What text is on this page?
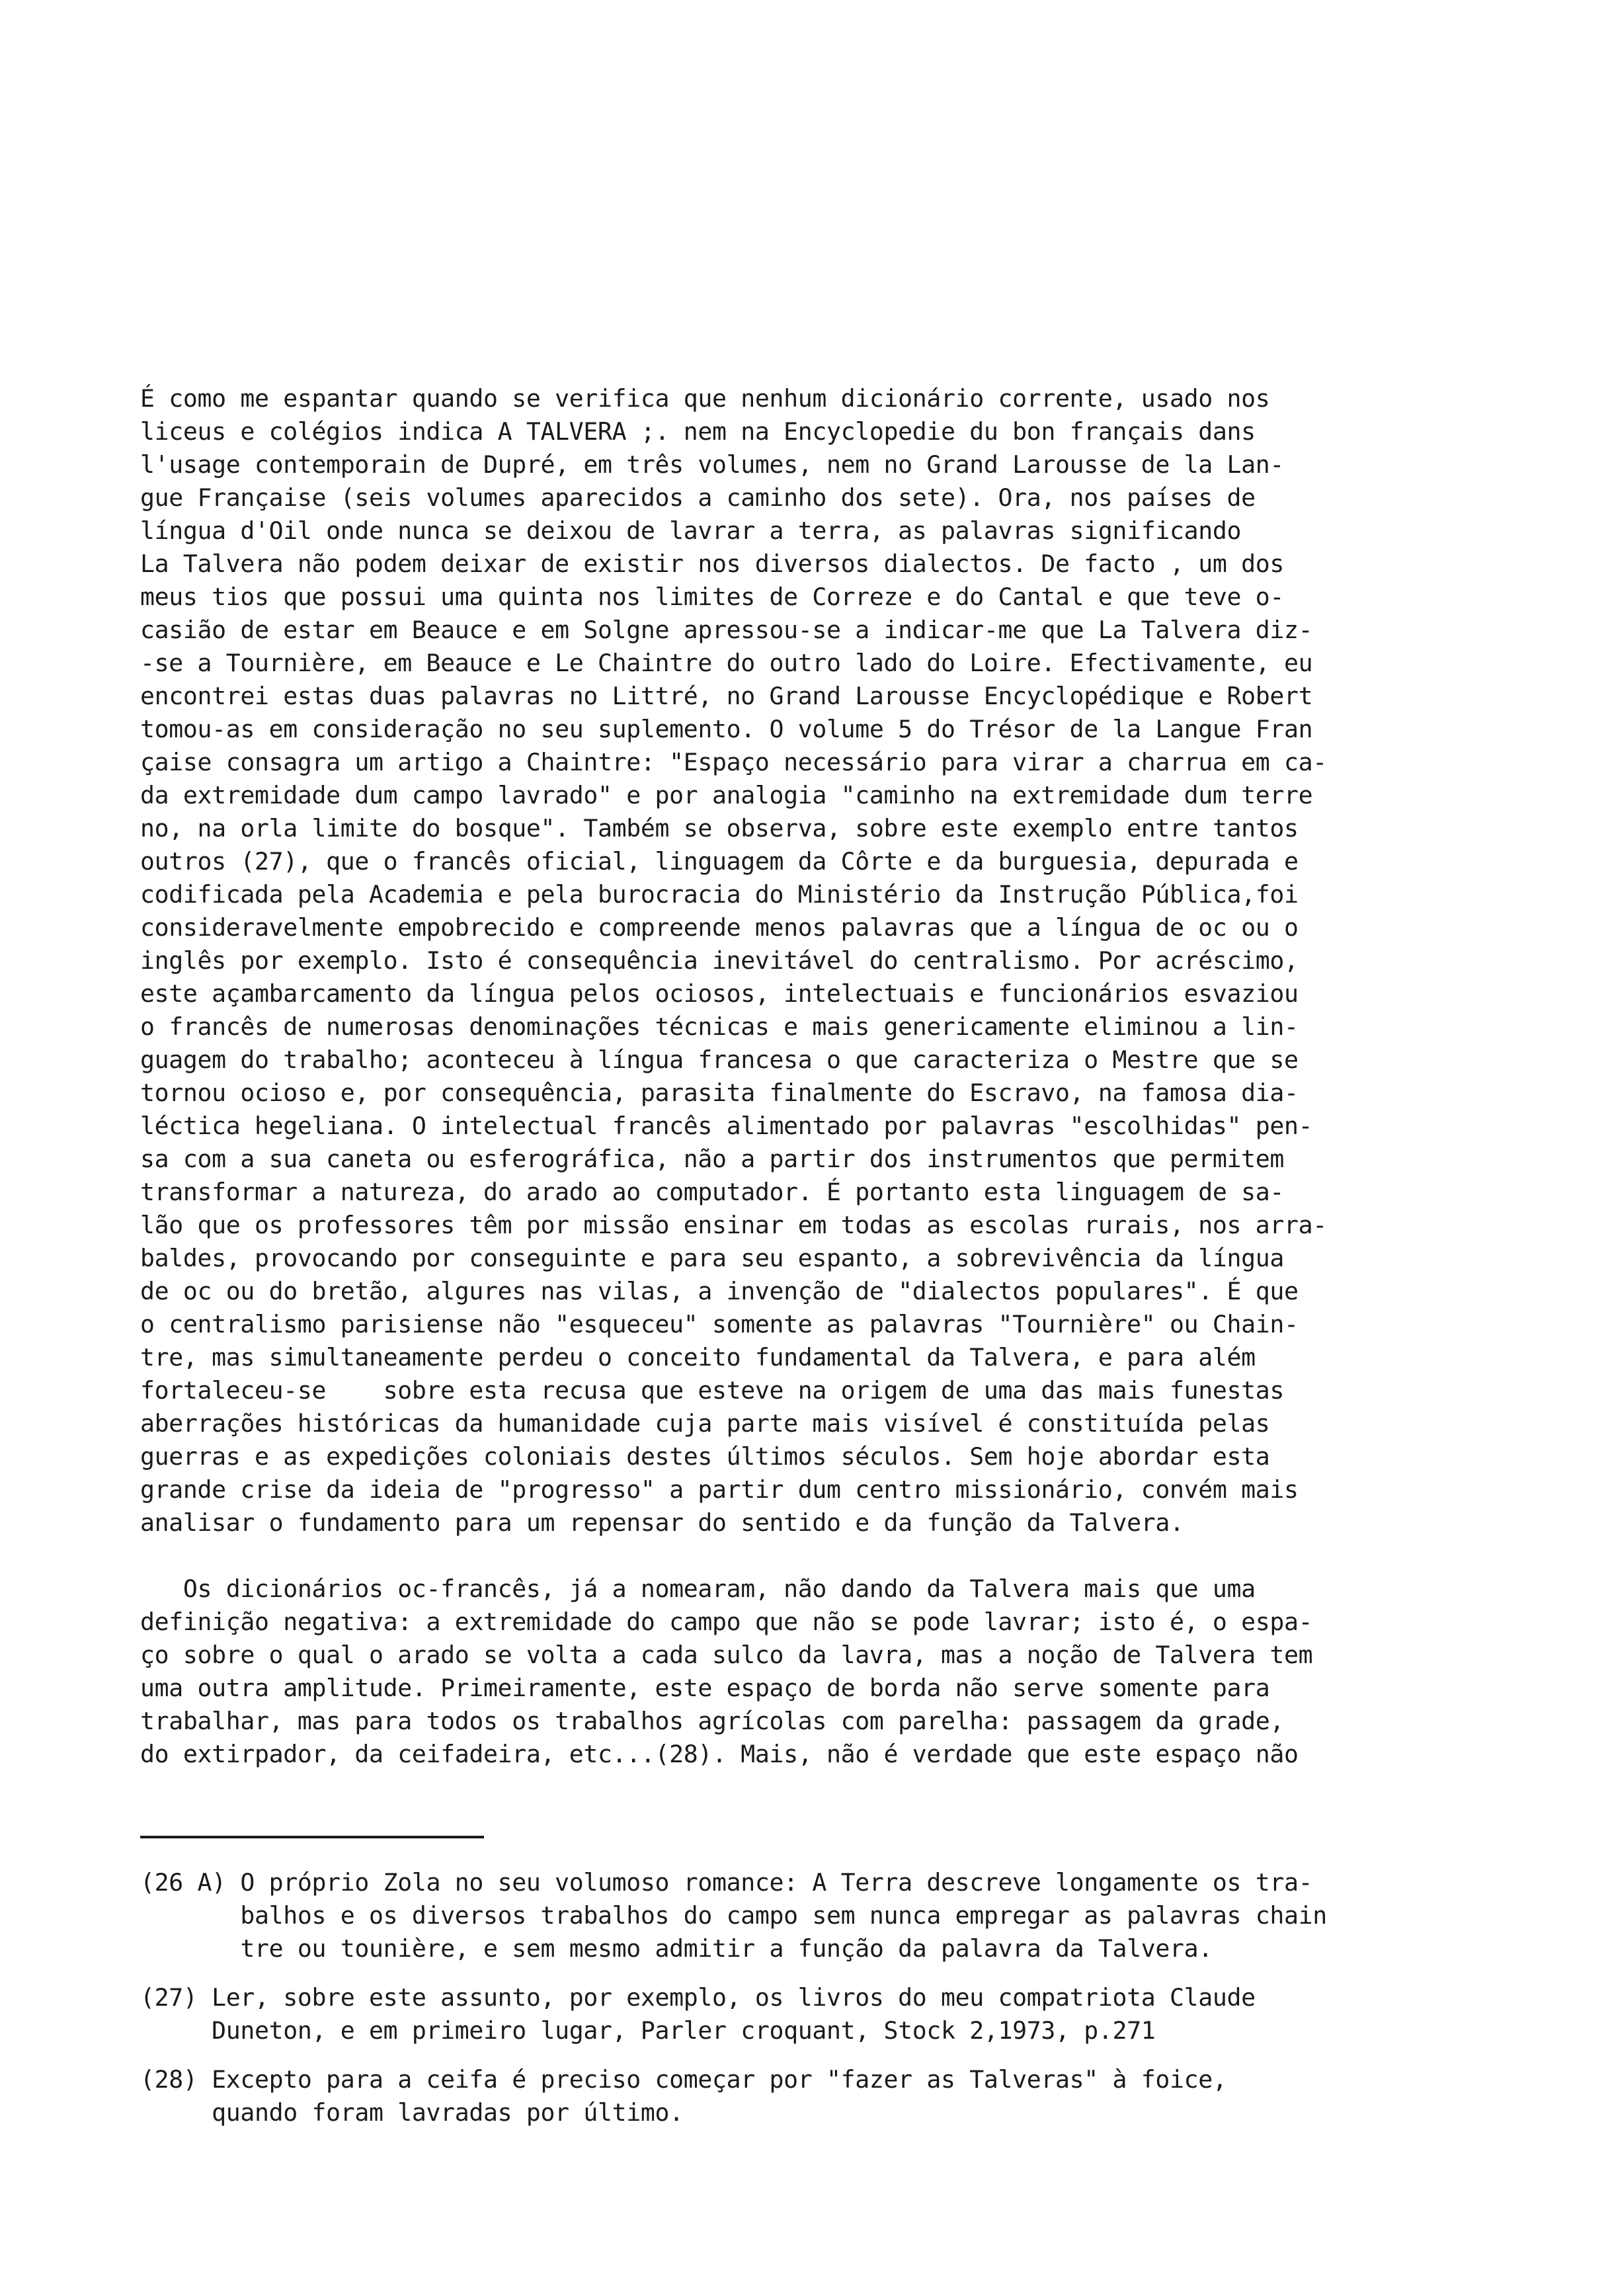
É como me espantar quando se verifica que nenhum dicionário corrente, usado nos
liceus e colégios indica A TALVERA ;. nem na Encyclopedie du bon français dans
l'usage contemporain de Dupré, em três volumes, nem no Grand Larousse de la Lan-
gue Française (seis volumes aparecidos a caminho dos sete). Ora, nos países de
língua d'Oil onde nunca se deixou de lavrar a terra, as palavras significando
La Talvera não podem deixar de existir nos diversos dialectos. De facto , um dos
meus tios que possui uma quinta nos limites de Correze e do Cantal e que teve o-
casião de estar em Beauce e em Solgne apressou-se a indicar-me que La Talvera diz-
-se a Tournière, em Beauce e Le Chaintre do outro lado do Loire. Efectivamente, eu
encontrei estas duas palavras no Littré, no Grand Larousse Encyclopédique e Robert
tomou-as em consideração no seu suplemento. O volume 5 do Trésor de la Langue Fran
çaise consagra um artigo a Chaintre: "Espaço necessário para virar a charrua em ca-
da extremidade dum campo lavrado" e por analogia "caminho na extremidade dum terre
no, na orla limite do bosque". Também se observa, sobre este exemplo entre tantos
outros (27), que o francês oficial, linguagem da Côrte e da burguesia, depurada e
codificada pela Academia e pela burocracia do Ministério da Instrução Pública,foi
consideravelmente empobrecido e compreende menos palavras que a língua de oc ou o
inglês por exemplo. Isto é consequência inevitável do centralismo. Por acréscimo,
este açambarcamento da língua pelos ociosos, intelectuais e funcionários esvaziou
o francês de numerosas denominações técnicas e mais genericamente eliminou a lin-
guagem do trabalho; aconteceu à língua francesa o que caracteriza o Mestre que se
tornou ocioso e, por consequência, parasita finalmente do Escravo, na famosa dia-
léctica hegeliana. O intelectual francês alimentado por palavras "escolhidas" pen-
sa com a sua caneta ou esferográfica, não a partir dos instrumentos que permitem
transformar a natureza, do arado ao computador. É portanto esta linguagem de sa-
lão que os professores têm por missão ensinar em todas as escolas rurais, nos arra-
baldes, provocando por conseguinte e para seu espanto, a sobrevivência da língua
de oc ou do bretão, algures nas vilas, a invenção de "dialectos populares". É que
o centralismo parisiense não "esqueceu" somente as palavras "Tournière" ou Chain-
tre, mas simultaneamente perdeu o conceito fundamental da Talvera, e para além
fortaleceu-se    sobre esta recusa que esteve na origem de uma das mais funestas
aberrações históricas da humanidade cuja parte mais visível é constituída pelas
guerras e as expedições coloniais destes últimos séculos. Sem hoje abordar esta
grande crise da ideia de "progresso" a partir dum centro missionário, convém mais
analisar o fundamento para um repensar do sentido e da função da Talvera.
Os dicionários oc-francês, já a nomearam, não dando da Talvera mais que uma
definição negativa: a extremidade do campo que não se pode lavrar; isto é, o espa-
ço sobre o qual o arado se volta a cada sulco da lavra, mas a noção de Talvera tem
uma outra amplitude. Primeiramente, este espaço de borda não serve somente para
trabalhar, mas para todos os trabalhos agrícolas com parelha: passagem da grade,
do extirpador, da ceifadeira, etc...(28). Mais, não é verdade que este espaço não
(26 A) O próprio Zola no seu volumoso romance: A Terra descreve longamente os tra-
balhos e os diversos trabalhos do campo sem nunca empregar as palavras chain
tre ou tounière, e sem mesmo admitir a função da palavra da Talvera.
(27) Ler, sobre este assunto, por exemplo, os livros do meu compatriota Claude
Duneton, e em primeiro lugar, Parler croquant, Stock 2,1973, p.271
(28) Excepto para a ceifa é preciso começar por "fazer as Talveras" à foice,
quando foram lavradas por último.
